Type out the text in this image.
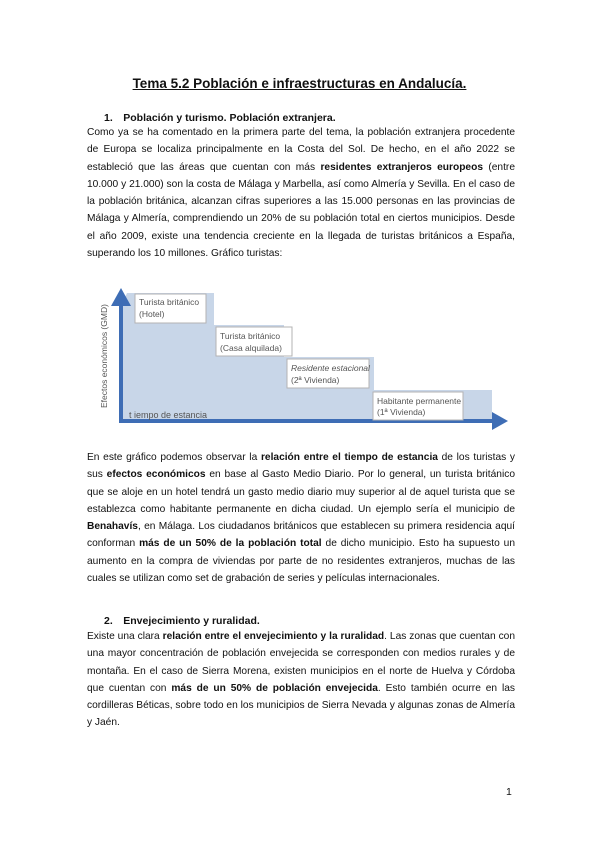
Tema 5.2 Población e infraestructuras en Andalucía.
1. Población y turismo. Población extranjera.
Como ya se ha comentado en la primera parte del tema, la población extranjera procedente de Europa se localiza principalmente en la Costa del Sol. De hecho, en el año 2022 se estableció que las áreas que cuentan con más residentes extranjeros europeos (entre 10.000 y 21.000) son la costa de Málaga y Marbella, así como Almería y Sevilla. En el caso de la población británica, alcanzan cifras superiores a las 15.000 personas en las provincias de Málaga y Almería, comprendiendo un 20% de su población total en ciertos municipios. Desde el año 2009, existe una tendencia creciente en la llegada de turistas británicos a España, superando los 10 millones. Gráfico turistas:
Turista británico
(Hotel)
Turista británico
(Casa alquilada)
Residente estacional
(2ª Vivienda)
Habitante permanente
(1ª Vivienda)
t iempo de estancia
Efectos económicos (GMD)
En este gráfico podemos observar la relación entre el tiempo de estancia de los turistas y sus efectos económicos en base al Gasto Medio Diario. Por lo general, un turista británico que se aloje en un hotel tendrá un gasto medio diario muy superior al de aquel turista que se establezca como habitante permanente en dicha ciudad. Un ejemplo sería el municipio de Benahavís, en Málaga. Los ciudadanos británicos que establecen su primera residencia aquí conforman más de un 50% de la población total de dicho municipio. Esto ha supuesto un aumento en la compra de viviendas por parte de no residentes extranjeros, muchas de las cuales se utilizan como set de grabación de series y películas internacionales.
2. Envejecimiento y ruralidad.
Existe una clara relación entre el envejecimiento y la ruralidad. Las zonas que cuentan con una mayor concentración de población envejecida se corresponden con medios rurales y de montaña. En el caso de Sierra Morena, existen municipios en el norte de Huelva y Córdoba que cuentan con más de un 50% de población envejecida. Esto también ocurre en las cordilleras Béticas, sobre todo en los municipios de Sierra Nevada y algunas zonas de Almería y Jaén.
1
